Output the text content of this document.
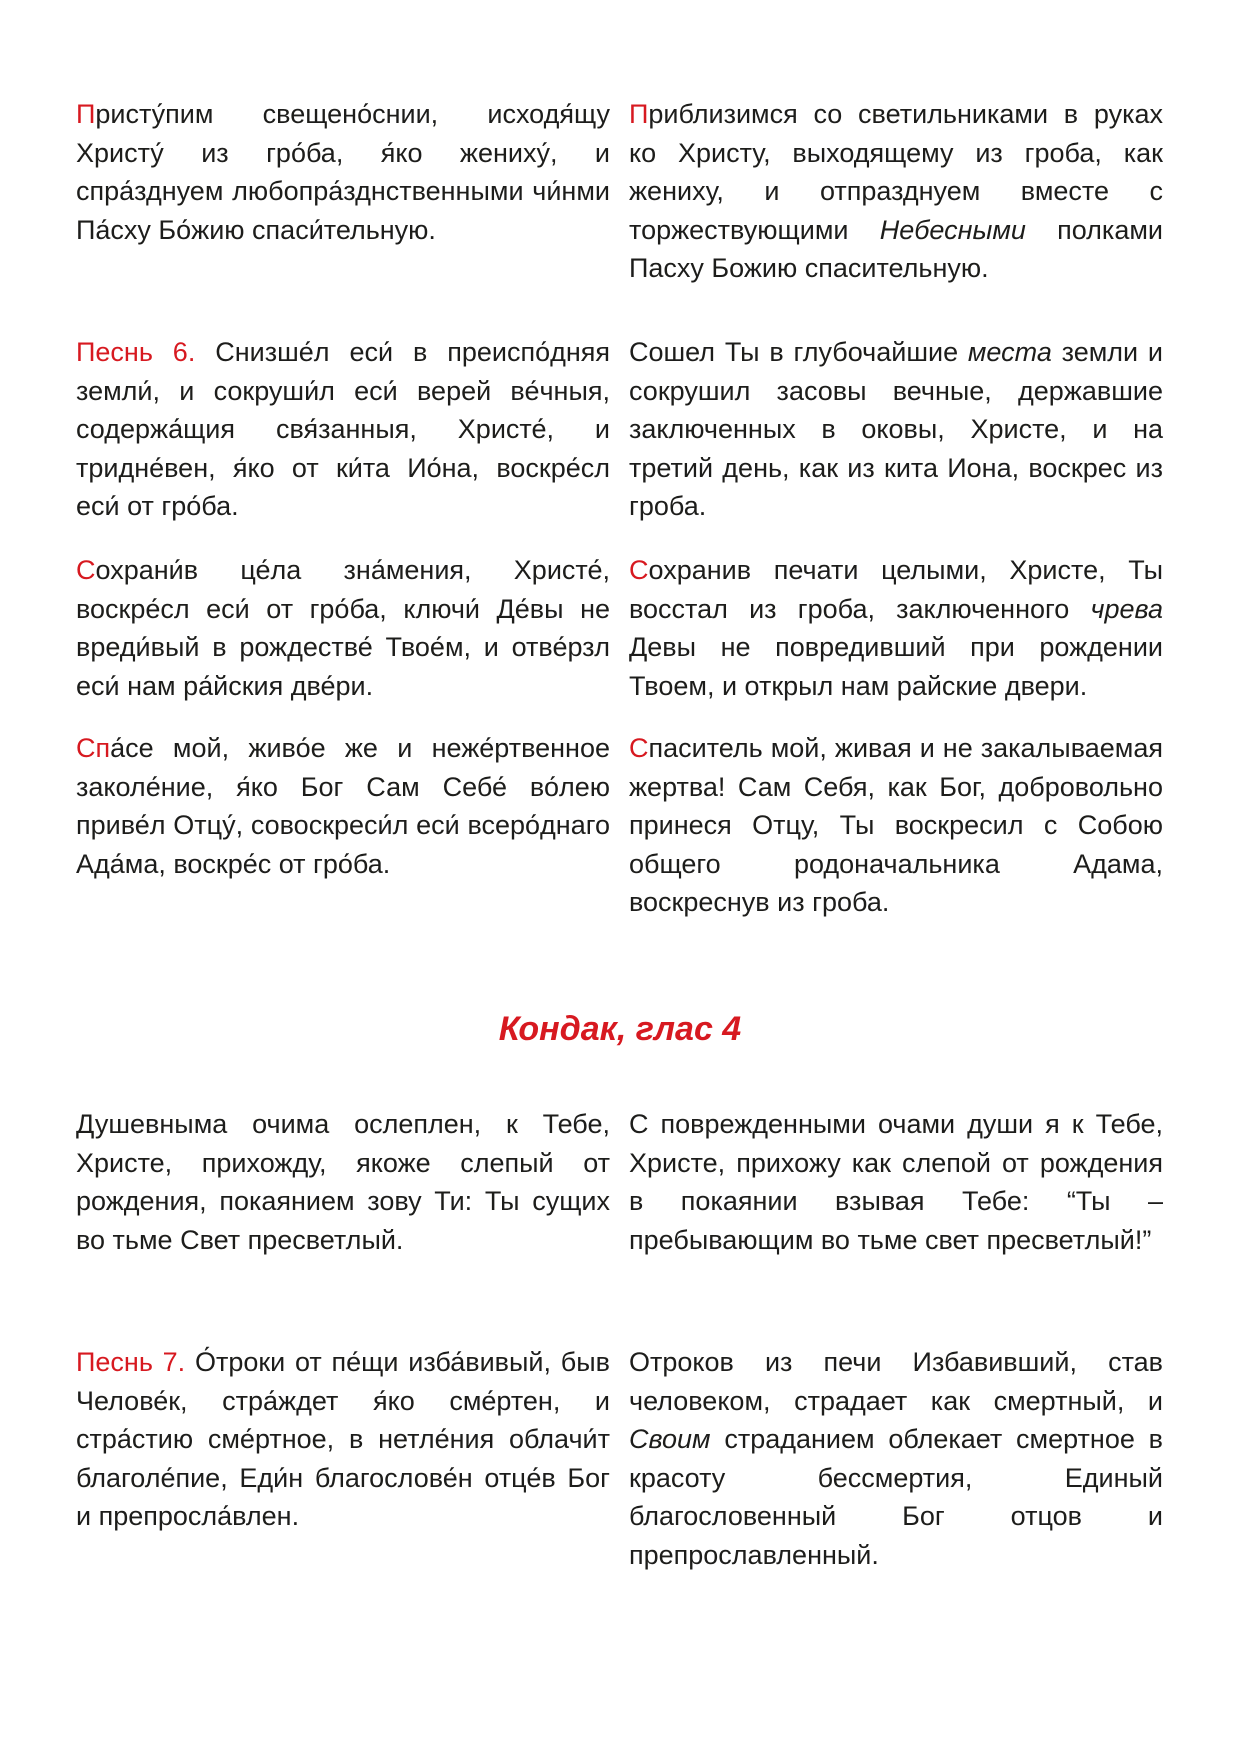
Присту́пим свещено́снии, исходя́щу Христу́ из гро́ба, я́ко жениху́, и спра́зднуем любопра́зднственными чи́нми Па́сху Бо́жию спаси́тельную.
Приблизимся со светильниками в руках ко Христу, выходящему из гроба, как жениху, и отпразднуем вместе с торжествующими Небесными полками Пасху Божию спасительную.
Песнь 6. Снизше́л еси́ в преиспо́дняя земли́, и сокруши́л еси́ верей ве́чныя, содержа́щия свя́занныя, Христе́, и тридне́вен, я́ко от ки́та Ио́на, воскре́сл еси́ от гро́ба.
Сошел Ты в глубочайшие места земли и сокрушил засовы вечные, державшие заключенных в оковы, Христе, и на третий день, как из кита Иона, воскрес из гроба.
Сохрани́в це́ла зна́мения, Христе́, воскре́сл еси́ от гро́ба, ключи́ Де́вы не вреди́вый в рождестве́ Твое́м, и отве́рзл еси́ нам ра́йския две́ри.
Сохранив печати целыми, Христе, Ты восстал из гроба, заключенного чрева Девы не повредивший при рождении Твоем, и открыл нам райские двери.
Спа́се мой, живо́е же и неже́ртвенное заколе́ние, я́ко Бог Сам Себе́ во́лею приве́л Отцу́, совоскреси́л еси́ всеро́днаго Ада́ма, воскре́с от гро́ба.
Спаситель мой, живая и не закалываемая жертва! Сам Себя, как Бог, добровольно принеся Отцу, Ты воскресил с Собою общего родоначальника Адама, воскреснув из гроба.
Кондак, глас 4
Душевныма очима ослеплен, к Тебе, Христе, прихожду, якоже слепый от рождения, покаянием зову Ти: Ты сущих во тьме Свет пресветлый.
С поврежденными очами души я к Тебе, Христе, прихожу как слепой от рождения в покаянии взывая Тебе: “Ты – пребывающим во тьме свет пресветлый!”
Песнь 7. О́троки от пе́щи изба́вивый, быв Челове́к, стра́ждет я́ко сме́ртен, и стра́стию сме́ртное, в нетле́ния облачи́т благоле́пие, Еди́н благослове́н отце́в Бог и препросла́влен.
Отроков из печи Избавивший, став человеком, страдает как смертный, и Своим страданием облекает смертное в красоту бессмертия, Единый благословенный Бог отцов и препрославленный.
